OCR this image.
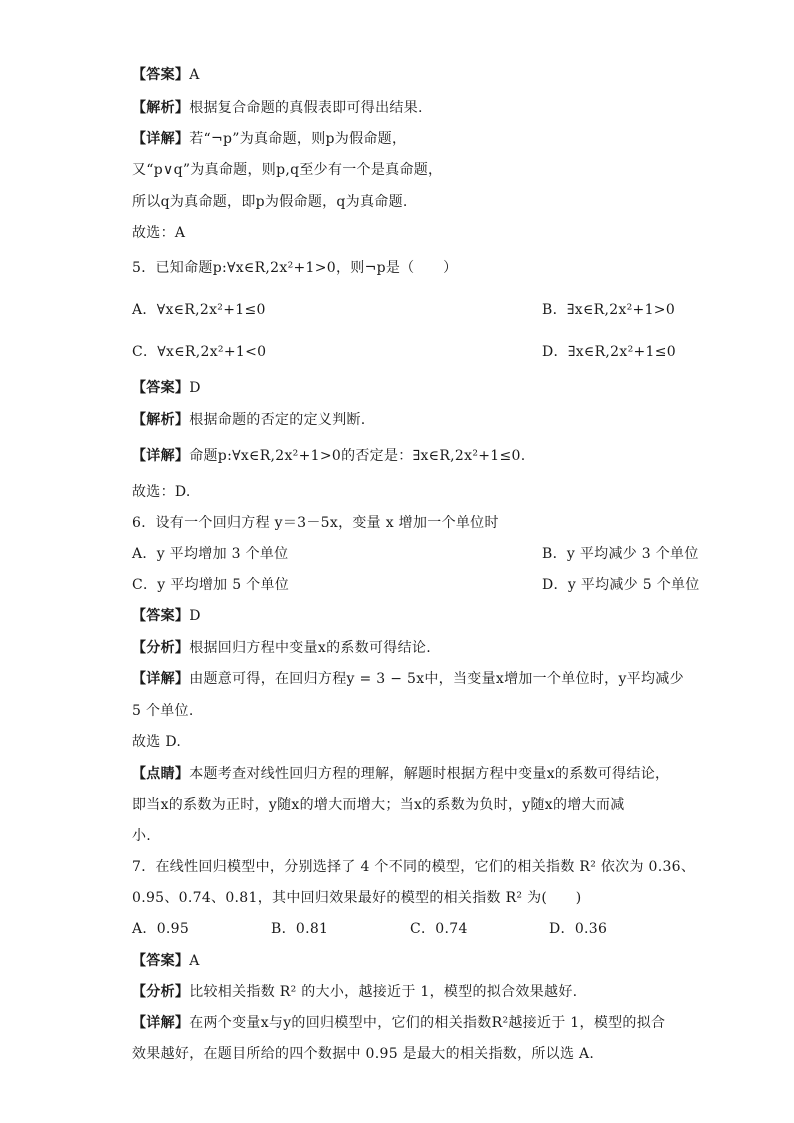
【答案】A
【解析】根据复合命题的真假表即可得出结果.
【详解】若“¬p”为真命题，则p为假命题，
又“p∨q”为真命题，则p,q至少有一个是真命题，
所以q为真命题，即p为假命题，q为真命题.
故选：A
5．已知命题p:∀x∈R,2x²+1>0，则¬p是（　　）
A．∀x∈R,2x²+1≤0	B．∃x∈R,2x²+1>0
C．∀x∈R,2x²+1<0	D．∃x∈R,2x²+1≤0
【答案】D
【解析】根据命题的否定的定义判断.
【详解】命题p:∀x∈R,2x²+1>0的否定是：∃x∈R,2x²+1≤0.
故选：D.
6．设有一个回归方程 y＝3－5x，变量 x 增加一个单位时
A．y 平均增加 3 个单位	B．y 平均减少 3 个单位
C．y 平均增加 5 个单位	D．y 平均减少 5 个单位
【答案】D
【分析】根据回归方程中变量x的系数可得结论.
【详解】由题意可得，在回归方程y = 3 − 5x中，当变量x增加一个单位时，y平均减少
5 个单位.
故选 D.
【点睛】本题考查对线性回归方程的理解，解题时根据方程中变量x的系数可得结论，
即当x的系数为正时，y随x的增大而增大；当x的系数为负时，y随x的增大而减
小.
7．在线性回归模型中，分别选择了 4 个不同的模型，它们的相关指数 R² 依次为 0.36、
0.95、0.74、0.81，其中回归效果最好的模型的相关指数 R² 为(　　)
A．0.95	B．0.81	C．0.74	D．0.36
【答案】A
【分析】比较相关指数 R² 的大小，越接近于 1，模型的拟合效果越好.
【详解】在两个变量x与y的回归模型中，它们的相关指数R²越接近于 1，模型的拟合
效果越好，在题目所给的四个数据中 0.95 是最大的相关指数，所以选 A.
